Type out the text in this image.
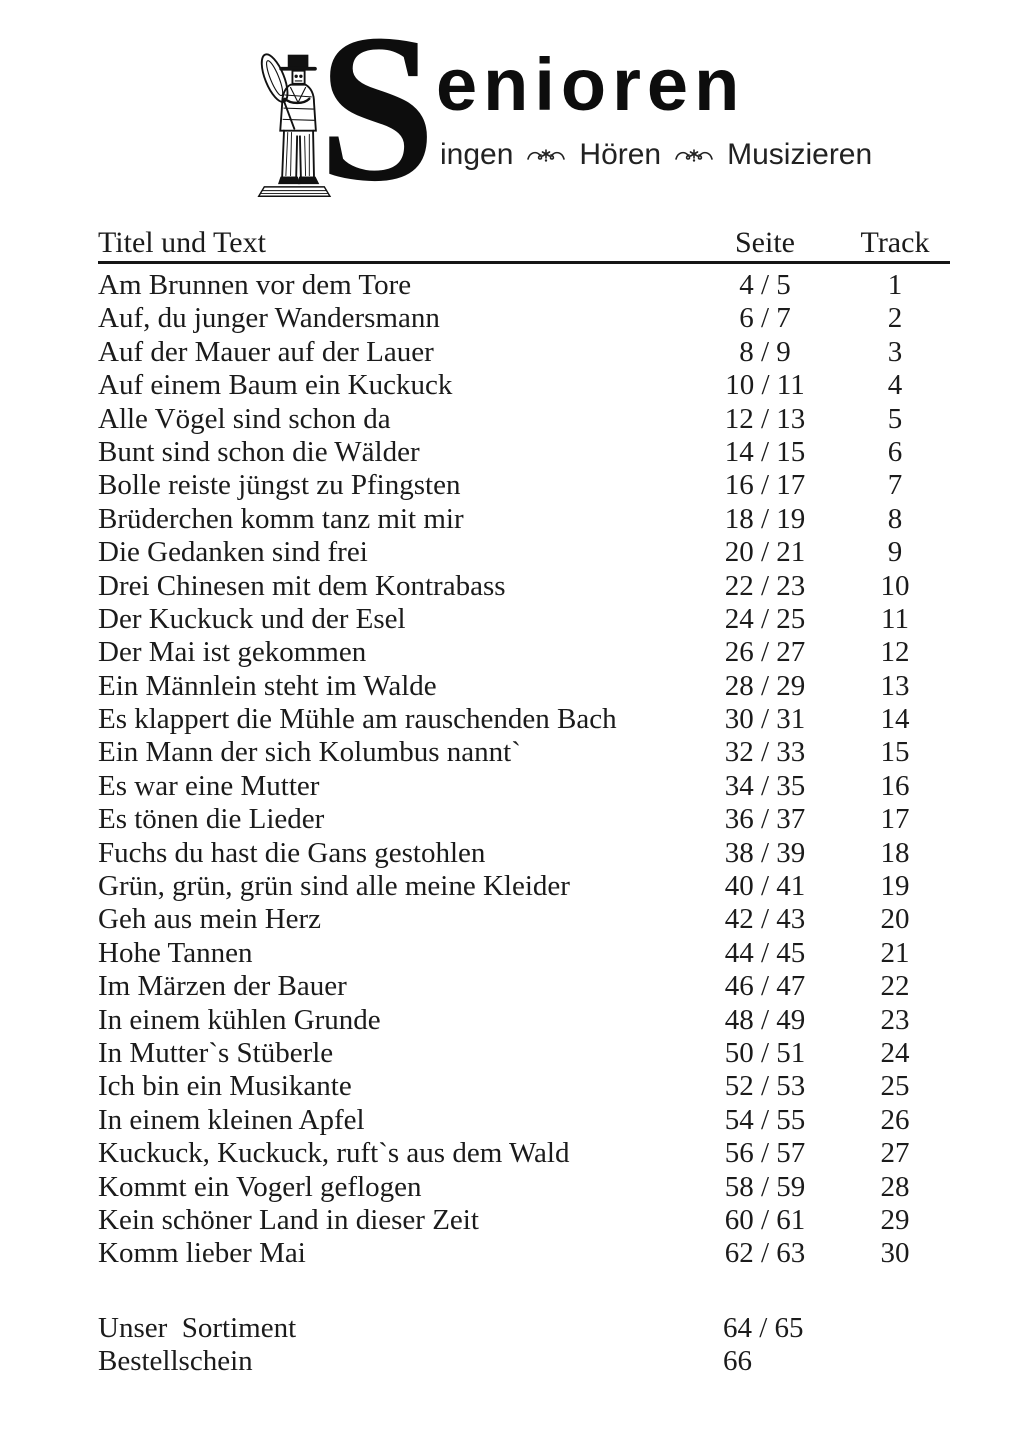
S enioren
ingen Hören Musizieren
Titel und Text	Seite	Track
Am Brunnen vor dem Tore	4 / 5	1
Auf, du junger Wandersmann	6 / 7	2
Auf der Mauer auf der Lauer	8 / 9	3
Auf einem Baum ein Kuckuck	10 / 11	4
Alle Vögel sind schon da	12 / 13	5
Bunt sind schon die Wälder	14 / 15	6
Bolle reiste jüngst zu Pfingsten	16 / 17	7
Brüderchen komm tanz mit mir	18 / 19	8
Die Gedanken sind frei	20 / 21	9
Drei Chinesen mit dem Kontrabass	22 / 23	10
Der Kuckuck und der Esel	24 / 25	11
Der Mai ist gekommen	26 / 27	12
Ein Männlein steht im Walde	28 / 29	13
Es klappert die Mühle am rauschenden Bach	30 / 31	14
Ein Mann der sich Kolumbus nannt`	32 / 33	15
Es war eine Mutter	34 / 35	16
Es tönen die Lieder	36 / 37	17
Fuchs du hast die Gans gestohlen	38 / 39	18
Grün, grün, grün sind alle meine Kleider	40 / 41	19
Geh aus mein Herz	42 / 43	20
Hohe Tannen	44 / 45	21
Im Märzen der Bauer	46 / 47	22
In einem kühlen Grunde	48 / 49	23
In Mutter`s Stüberle	50 / 51	24
Ich bin ein Musikante	52 / 53	25
In einem kleinen Apfel	54 / 55	26
Kuckuck, Kuckuck, ruft`s aus dem Wald	56 / 57	27
Kommt ein Vogerl geflogen	58 / 59	28
Kein schöner Land in dieser Zeit	60 / 61	29
Komm lieber Mai	62 / 63	30
Unser  Sortiment	64 / 65
Bestellschein	66
